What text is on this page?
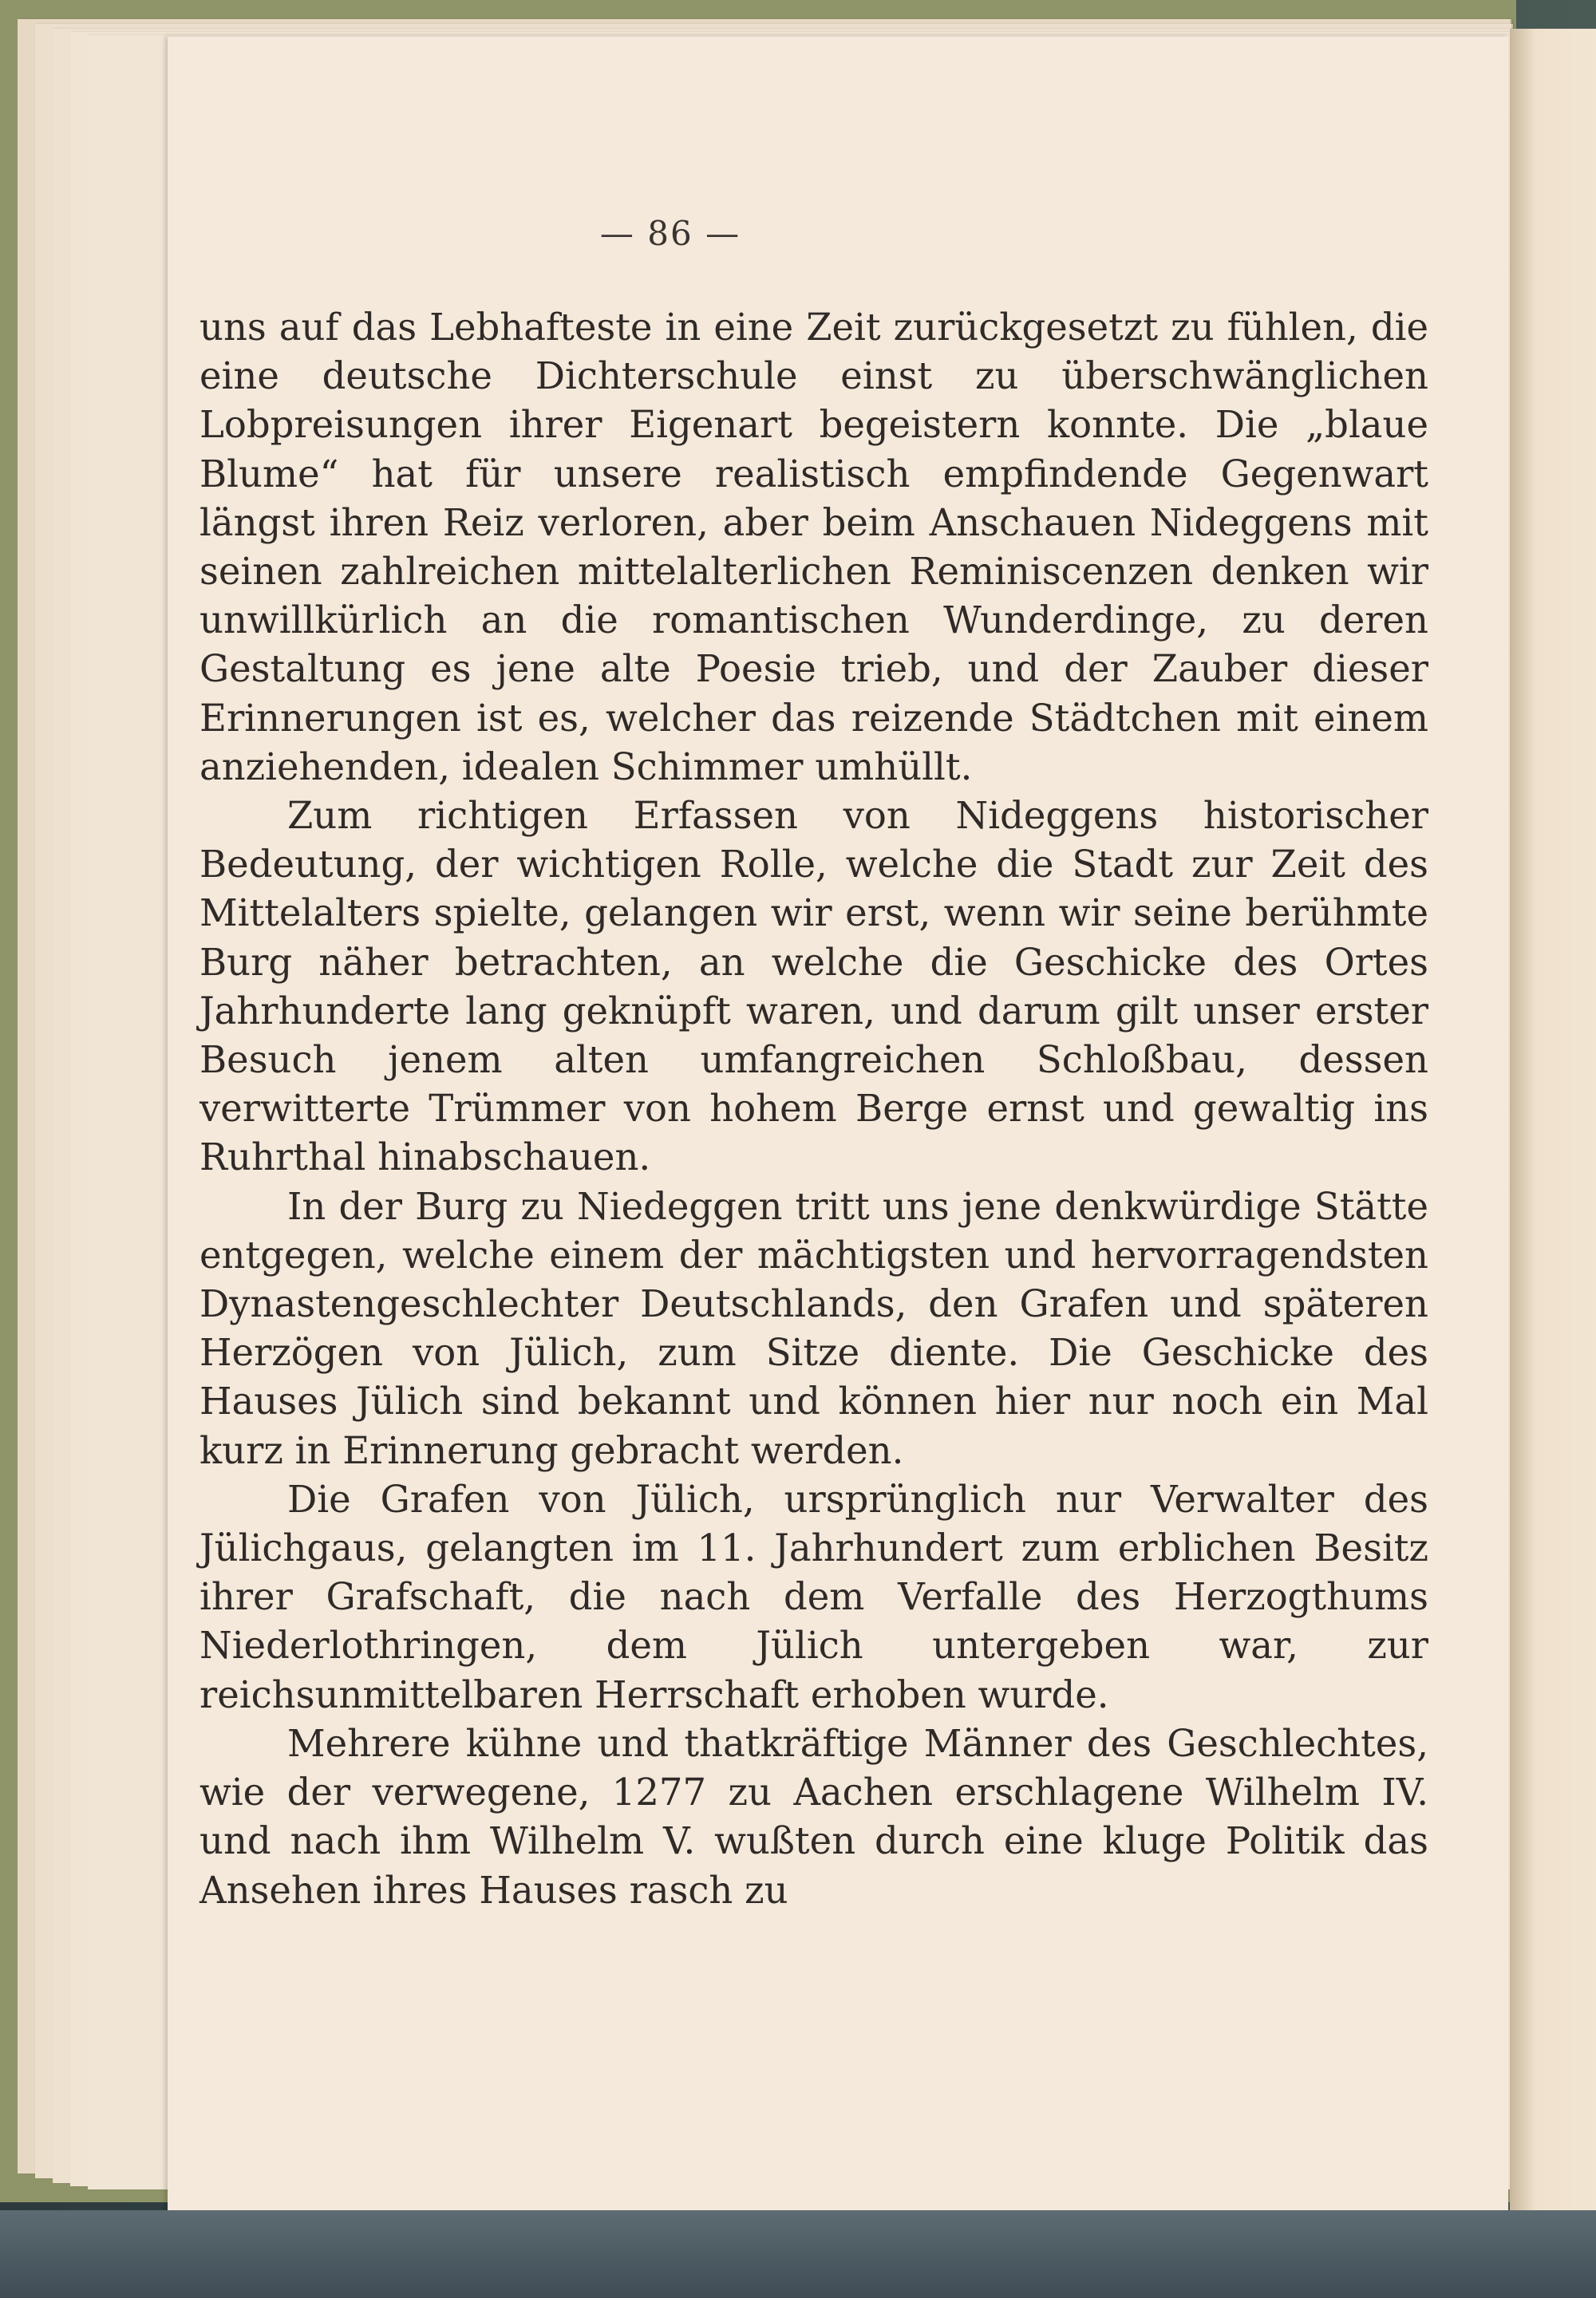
— 86 —

uns auf das Lebhafteste in eine Zeit zurückgesetzt zu fühlen, die eine deutsche Dichterschule einst zu überschwänglichen Lobpreisungen ihrer Eigenart begeistern konnte. Die „blaue Blume“ hat für unsere realistisch empfindende Gegenwart längst ihren Reiz verloren, aber beim Anschauen Nideggens mit seinen zahlreichen mittelalterlichen Reminiscenzen denken wir unwillkürlich an die romantischen Wunderdinge, zu deren Gestaltung es jene alte Poesie trieb, und der Zauber dieser Erinnerungen ist es, welcher das reizende Städtchen mit einem anziehenden, idealen Schimmer umhüllt.

Zum richtigen Erfassen von Nideggens historischer Bedeutung, der wichtigen Rolle, welche die Stadt zur Zeit des Mittelalters spielte, gelangen wir erst, wenn wir seine berühmte Burg näher betrachten, an welche die Geschicke des Ortes Jahrhunderte lang geknüpft waren, und darum gilt unser erster Besuch jenem alten umfangreichen Schloßbau, dessen verwitterte Trümmer von hohem Berge ernst und gewaltig ins Ruhrthal hinabschauen.

In der Burg zu Niedeggen tritt uns jene denkwürdige Stätte entgegen, welche einem der mächtigsten und hervorragendsten Dynastengeschlechter Deutschlands, den Grafen und späteren Herzögen von Jülich, zum Sitze diente. Die Geschicke des Hauses Jülich sind bekannt und können hier nur noch ein Mal kurz in Erinnerung gebracht werden.

Die Grafen von Jülich, ursprünglich nur Verwalter des Jülichgaus, gelangten im 11. Jahrhundert zum erblichen Besitz ihrer Grafschaft, die nach dem Verfalle des Herzogthums Niederlothringen, dem Jülich untergeben war, zur reichsunmittelbaren Herrschaft erhoben wurde.

Mehrere kühne und thatkräftige Männer des Geschlechtes, wie der verwegene, 1277 zu Aachen erschlagene Wilhelm IV. und nach ihm Wilhelm V. wußten durch eine kluge Politik das Ansehen ihres Hauses rasch zu
